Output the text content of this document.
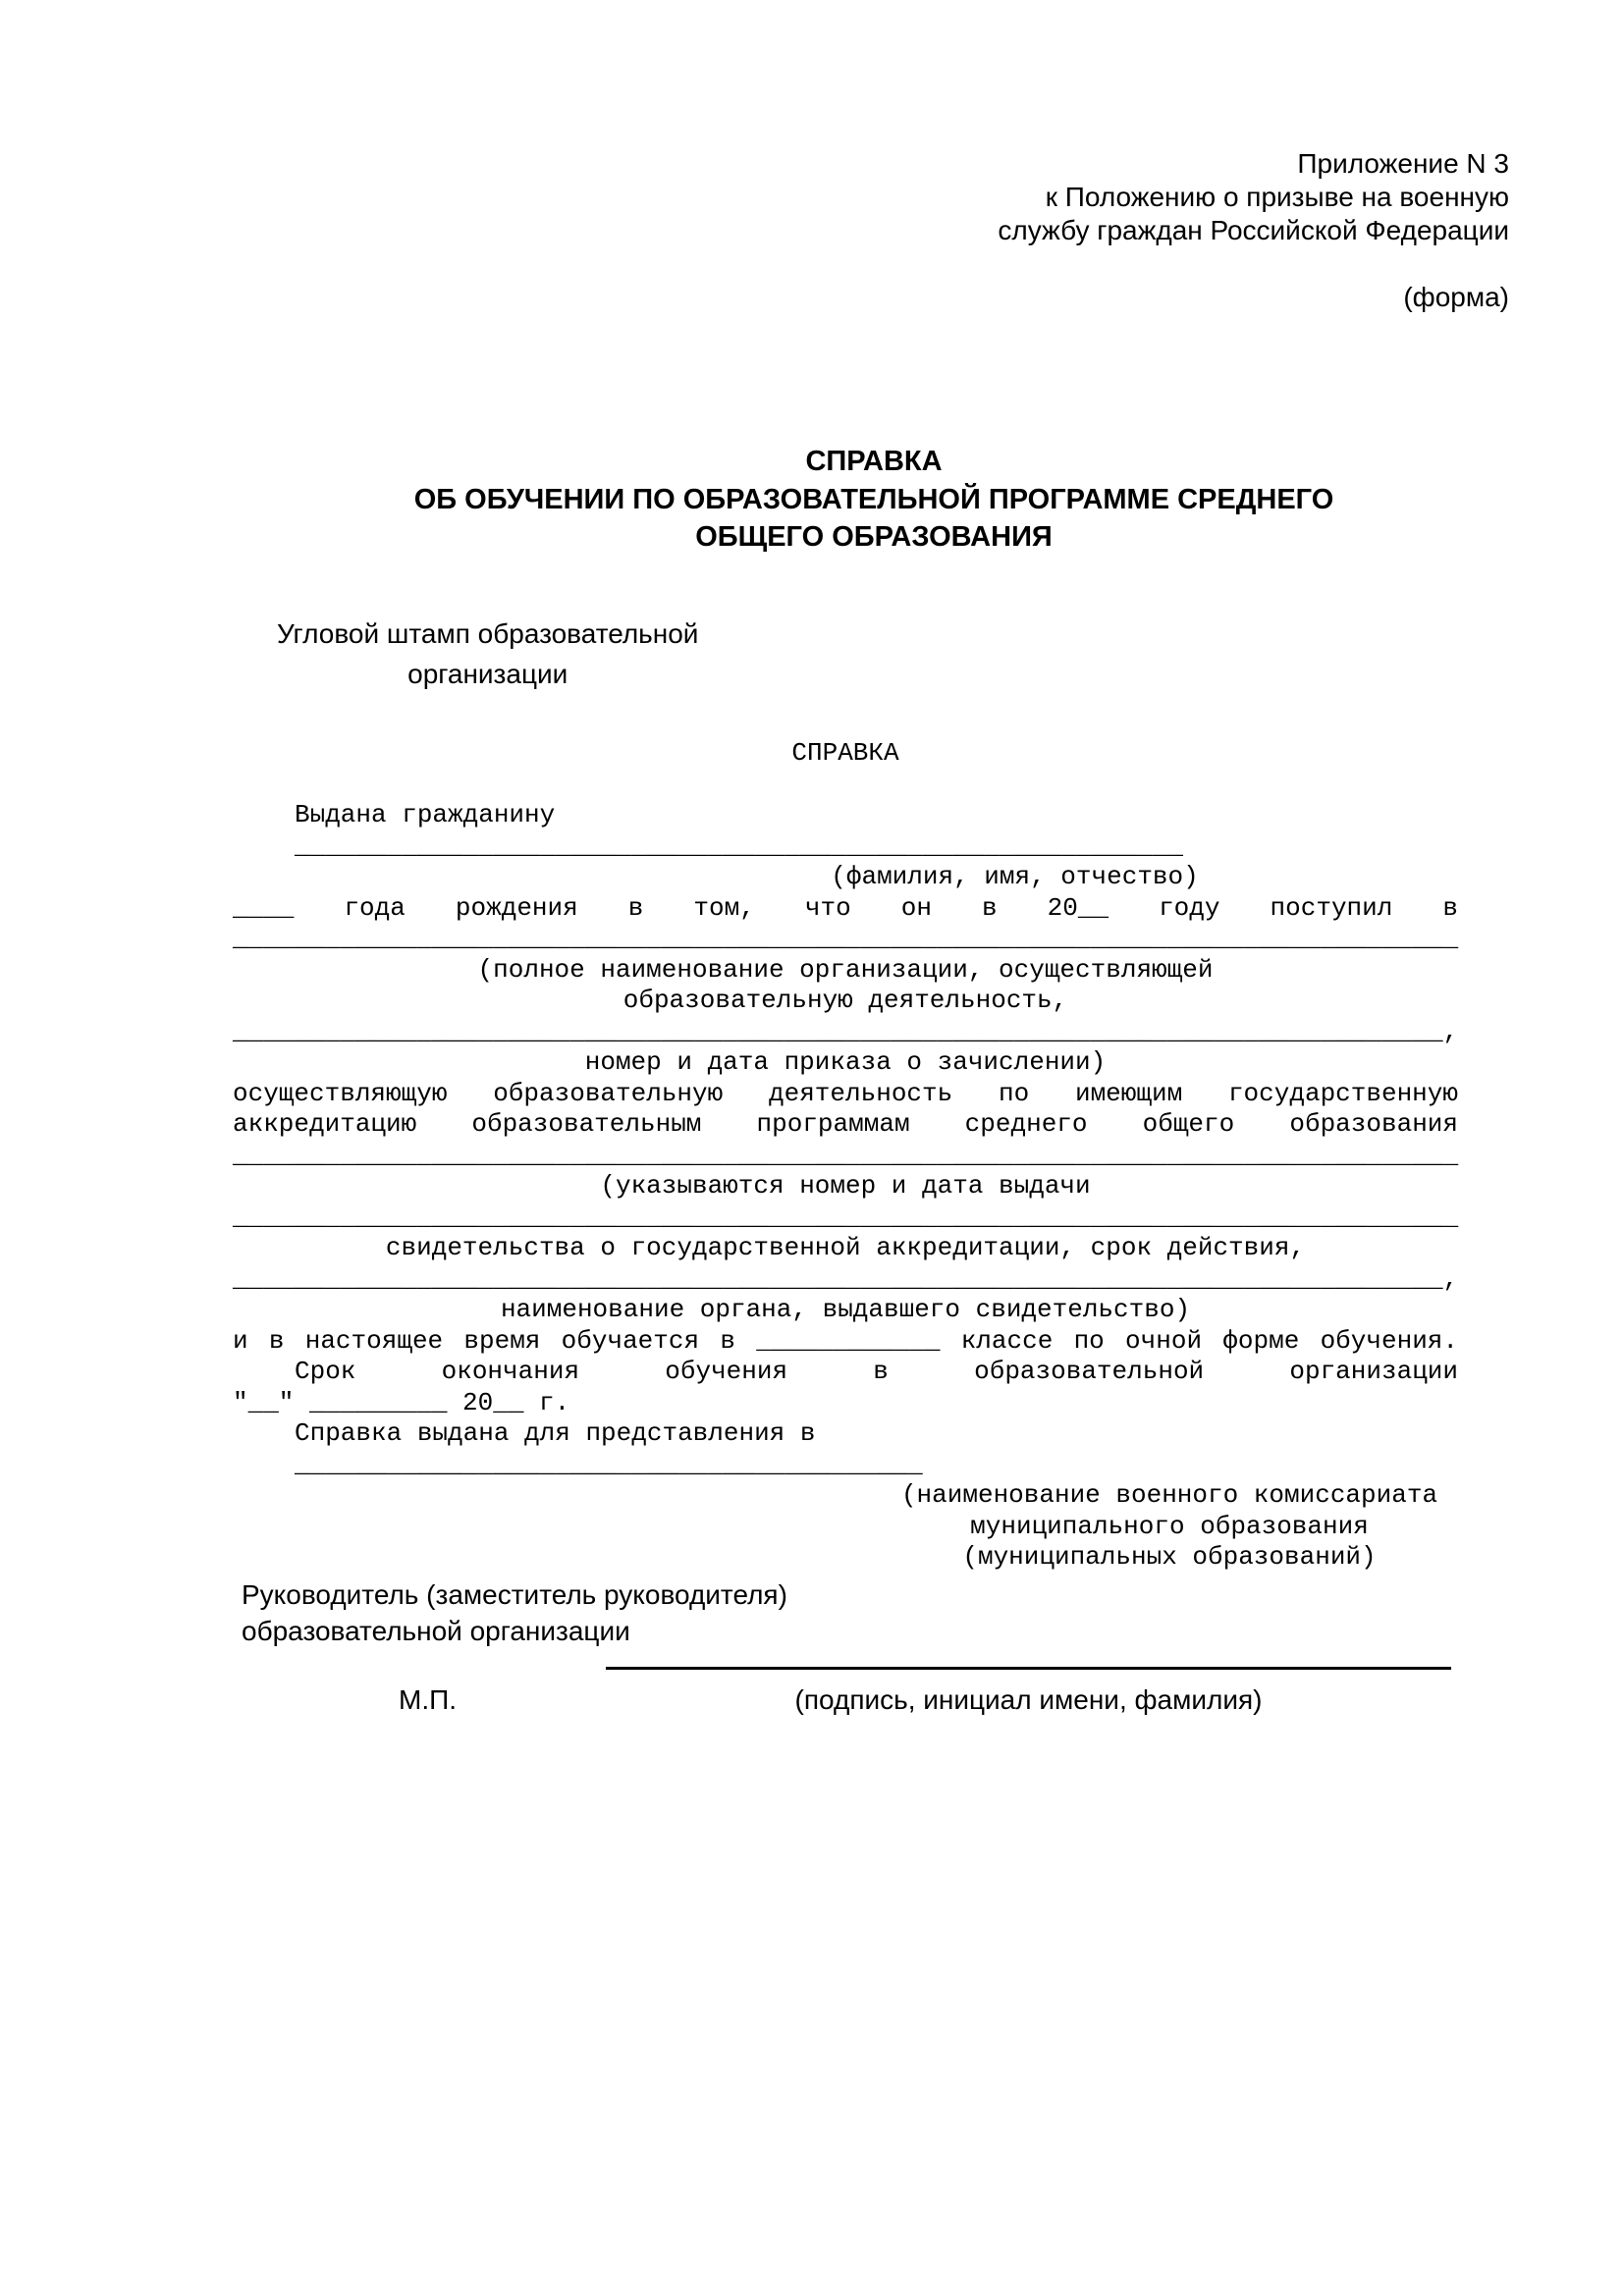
Приложение N 3
к Положению о призыве на военную
службу граждан Российской Федерации
(форма)
СПРАВКА
ОБ ОБУЧЕНИИ ПО ОБРАЗОВАТЕЛЬНОЙ ПРОГРАММЕ СРЕДНЕГО
ОБЩЕГО ОБРАЗОВАНИЯ
Угловой штамп образовательной
организации
СПРАВКА
Выдана гражданину __________________________________________________________
(фамилия, имя, отчество)
____ года рождения в том, что он в 20__ году поступил в
________________________________________________________________________________
(полное наименование организации, осуществляющей
образовательную деятельность,
_______________________________________________________________________________,
номер и дата приказа о зачислении)
осуществляющую образовательную деятельность по имеющим государственную
аккредитацию образовательным программам среднего общего образования
________________________________________________________________________________
(указываются номер и дата выдачи
________________________________________________________________________________
свидетельства о государственной аккредитации, срок действия,
_______________________________________________________________________________,
наименование органа, выдавшего свидетельство)
и в настоящее время обучается в ____________ классе по очной форме обучения.
Срок окончания обучения в образовательной организации
"__" _________ 20__ г.
Справка выдана для представления в _________________________________________
(наименование военного комиссариата
муниципального образования
(муниципальных образований)
Руководитель (заместитель руководителя)
образовательной организации
М.П.	(подпись, инициал имени, фамилия)
